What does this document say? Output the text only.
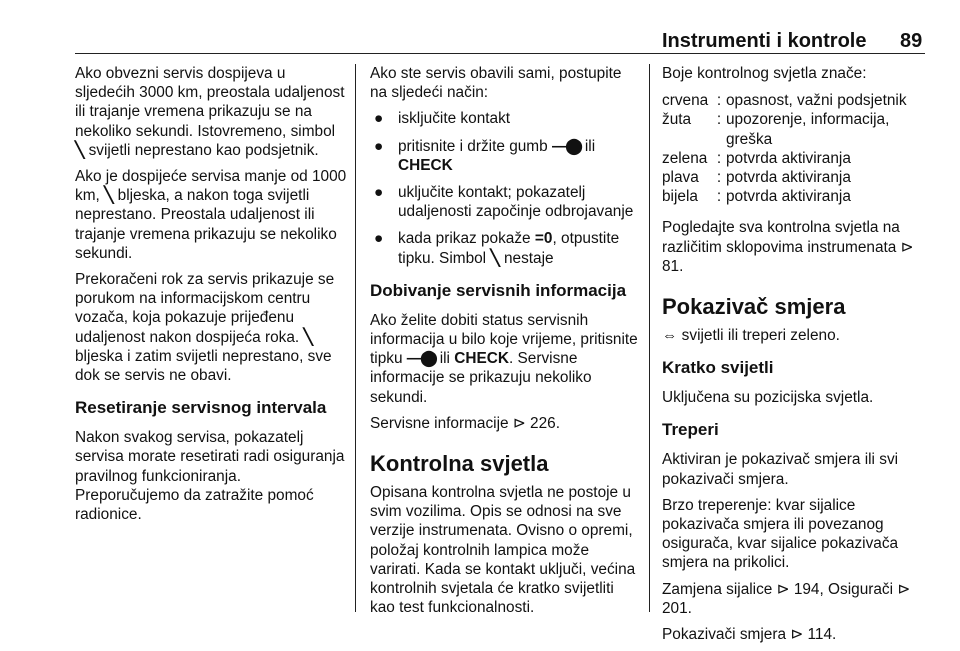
Instrumenti i kontrole 89

Ako obvezni servis dospijeva u sljedećih 3000 km, preostala udaljenost ili trajanje vremena prikazuju se na nekoliko sekundi. Istovremeno, simbol ╲ svijetli neprestano kao podsjetnik.

Ako je dospijeće servisa manje od 1000 km, ╲ bljeska, a nakon toga svijetli neprestano. Preostala udaljenost ili trajanje vremena prikazuju se nekoliko sekundi.

Prekoračeni rok za servis prikazuje se porukom na informacijskom centru vozača, koja pokazuje prijeđenu udaljenost nakon dospijeća roka. ╲ bljeska i zatim svijetli neprestano, sve dok se servis ne obavi.

Resetiranje servisnog intervala

Nakon svakog servisa, pokazatelj servisa morate resetirati radi osiguranja pravilnog funkcioniranja. Preporučujemo da zatražite pomoć radionice.

Ako ste servis obavili sami, postupite na sljedeći način:

● isključite kontakt
● pritisnite i držite gumb ―⬤ ili
CHECK
● uključite kontakt; pokazatelj udaljenosti započinje odbrojavanje
● kada prikaz pokaže =0, otpustite tipku. Simbol ╲ nestaje
Dobivanje servisnih informacija

Ako želite dobiti status servisnih informacija u bilo koje vrijeme, pritisnite tipku ―⬤ ili CHECK. Servisne informacije se prikazuju nekoliko sekundi.

Servisne informacije ⊳ 226.

Kontrolna svjetla

Opisana kontrolna svjetla ne postoje u svim vozilima. Opis se odnosi na sve verzije instrumenata. Ovisno o opremi, položaj kontrolnih lampica može varirati. Kada se kontakt uključi, većina kontrolnih svjetala će kratko svijetliti kao test funkcionalnosti.

Boje kontrolnog svjetla znače:

crvena	:	opasnost, važni podsjetnik
žuta	:	upozorenje, informacija, greška
zelena	:	potvrda aktiviranja
plava	:	potvrda aktiviranja
bijela	:	potvrda aktiviranja

Pogledajte sva kontrolna svjetla na različitim sklopovima instrumenata ⊳ 81.

Pokazivač smjera

⇔ svijetli ili treperi zeleno.

Kratko svijetli

Uključena su pozicijska svjetla.

Treperi

Aktiviran je pokazivač smjera ili svi pokazivači smjera.

Brzo treperenje: kvar sijalice pokazivača smjera ili povezanog osigurača, kvar sijalice pokazivača smjera na prikolici.

Zamjena sijalice ⊳ 194, Osigurači ⊳ 201.

Pokazivači smjera ⊳ 114.
